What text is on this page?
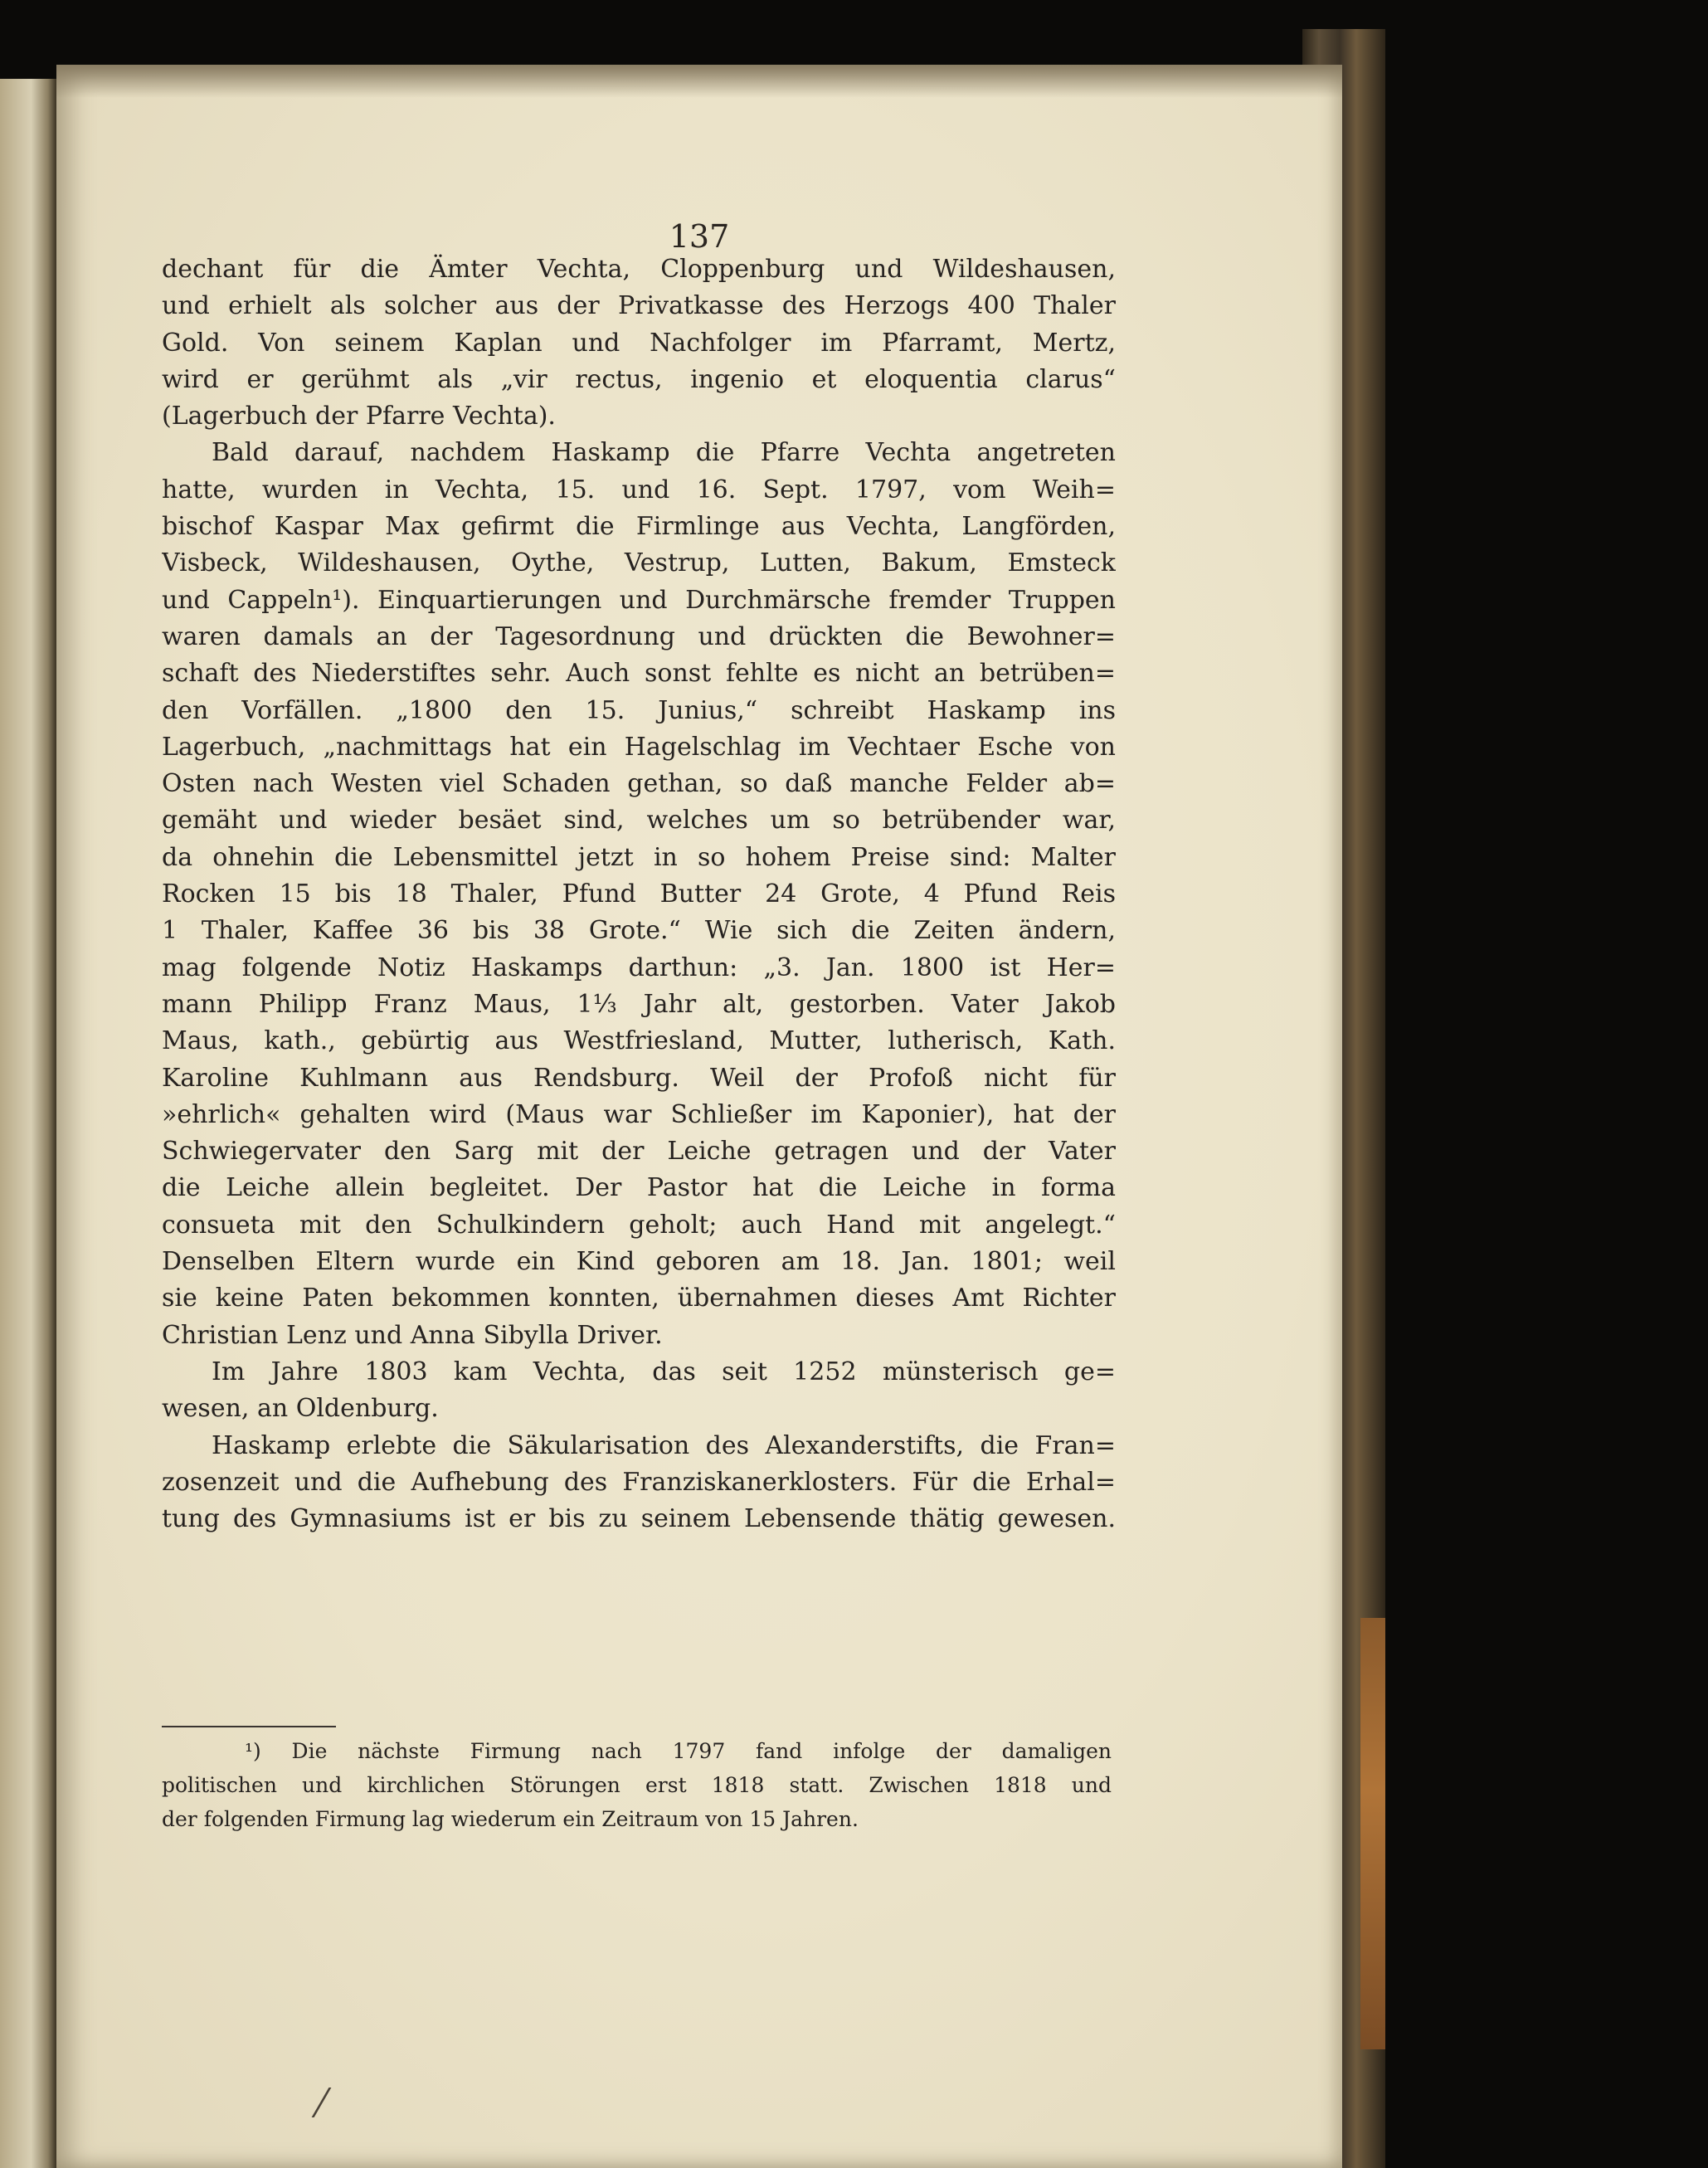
137
dechant für die Ämter Vechta, Cloppenburg und Wildeshausen,
und erhielt als solcher aus der Privatkasse des Herzogs 400 Thaler
Gold. Von seinem Kaplan und Nachfolger im Pfarramt, Mertz,
wird er gerühmt als „vir rectus, ingenio et eloquentia clarus“
(Lagerbuch der Pfarre Vechta).
Bald darauf, nachdem Haskamp die Pfarre Vechta angetreten
hatte, wurden in Vechta, 15. und 16. Sept. 1797, vom Weih=
bischof Kaspar Max gefirmt die Firmlinge aus Vechta, Langförden,
Visbeck, Wildeshausen, Oythe, Vestrup, Lutten, Bakum, Emsteck
und Cappeln¹). Einquartierungen und Durchmärsche fremder Truppen
waren damals an der Tagesordnung und drückten die Bewohner=
schaft des Niederstiftes sehr. Auch sonst fehlte es nicht an betrüben=
den Vorfällen. „1800 den 15. Junius,“ schreibt Haskamp ins
Lagerbuch, „nachmittags hat ein Hagelschlag im Vechtaer Esche von
Osten nach Westen viel Schaden gethan, so daß manche Felder ab=
gemäht und wieder besäet sind, welches um so betrübender war,
da ohnehin die Lebensmittel jetzt in so hohem Preise sind: Malter
Rocken 15 bis 18 Thaler, Pfund Butter 24 Grote, 4 Pfund Reis
1 Thaler, Kaffee 36 bis 38 Grote.“ Wie sich die Zeiten ändern,
mag folgende Notiz Haskamps darthun: „3. Jan. 1800 ist Her=
mann Philipp Franz Maus, 1⅓ Jahr alt, gestorben. Vater Jakob
Maus, kath., gebürtig aus Westfriesland, Mutter, lutherisch, Kath.
Karoline Kuhlmann aus Rendsburg. Weil der Profoß nicht für
»ehrlich« gehalten wird (Maus war Schließer im Kaponier), hat der
Schwiegervater den Sarg mit der Leiche getragen und der Vater
die Leiche allein begleitet. Der Pastor hat die Leiche in forma
consueta mit den Schulkindern geholt; auch Hand mit angelegt.“
Denselben Eltern wurde ein Kind geboren am 18. Jan. 1801; weil
sie keine Paten bekommen konnten, übernahmen dieses Amt Richter
Christian Lenz und Anna Sibylla Driver.
Im Jahre 1803 kam Vechta, das seit 1252 münsterisch ge=
wesen, an Oldenburg.
Haskamp erlebte die Säkularisation des Alexanderstifts, die Fran=
zosenzeit und die Aufhebung des Franziskanerklosters. Für die Erhal=
tung des Gymnasiums ist er bis zu seinem Lebensende thätig gewesen.
¹) Die nächste Firmung nach 1797 fand infolge der damaligen
politischen und kirchlichen Störungen erst 1818 statt. Zwischen 1818 und
der folgenden Firmung lag wiederum ein Zeitraum von 15 Jahren.
